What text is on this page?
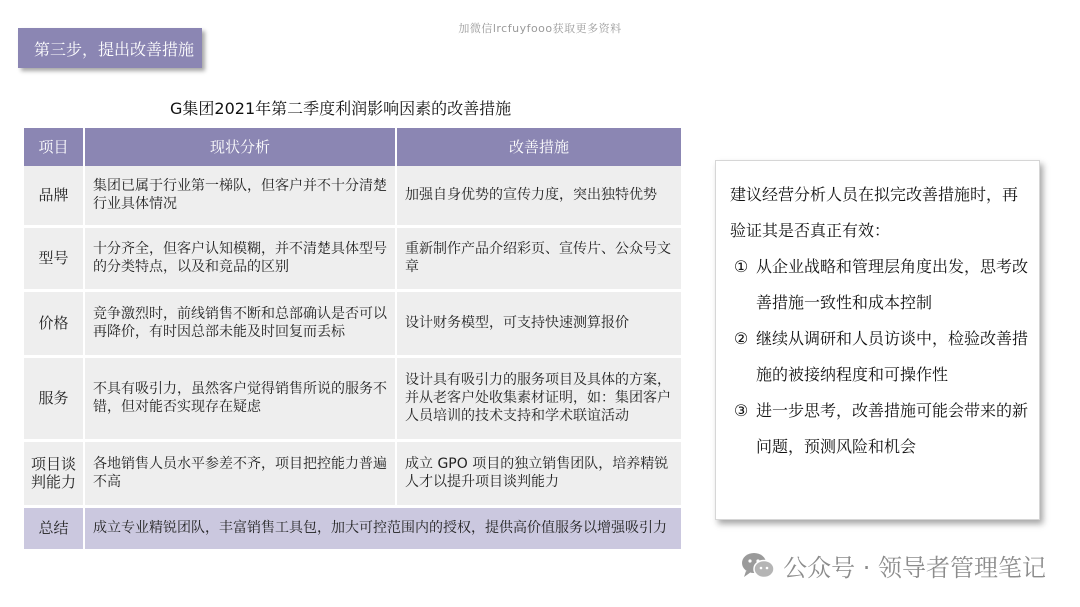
加微信lrcfuyfooo获取更多资料
第三步，提出改善措施
G集团2021年第二季度利润影响因素的改善措施
项目	现状分析	改善措施
品牌	集团已属于行业第一梯队，但客户并不十分清楚行业具体情况	加强自身优势的宣传力度，突出独特优势
型号	十分齐全，但客户认知模糊，并不清楚具体型号的分类特点，以及和竞品的区别	重新制作产品介绍彩页、宣传片、公众号文章
价格	竞争激烈时，前线销售不断和总部确认是否可以再降价，有时因总部未能及时回复而丢标	设计财务模型，可支持快速测算报价
服务	不具有吸引力，虽然客户觉得销售所说的服务不错，但对能否实现存在疑虑	设计具有吸引力的服务项目及具体的方案，并从老客户处收集素材证明，如：集团客户人员培训的技术支持和学术联谊活动
项目谈判能力	各地销售人员水平参差不齐，项目把控能力普遍不高	成立 GPO 项目的独立销售团队，培养精锐人才以提升项目谈判能力
总结	成立专业精锐团队，丰富销售工具包，加大可控范围内的授权，提供高价值服务以增强吸引力	
建议经营分析人员在拟完改善措施时，再验证其是否真正有效：
① 从企业战略和管理层角度出发，思考改善措施一致性和成本控制
② 继续从调研和人员访谈中，检验改善措施的被接纳程度和可操作性
③ 进一步思考，改善措施可能会带来的新问题，预测风险和机会
公众号 · 领导者管理笔记
